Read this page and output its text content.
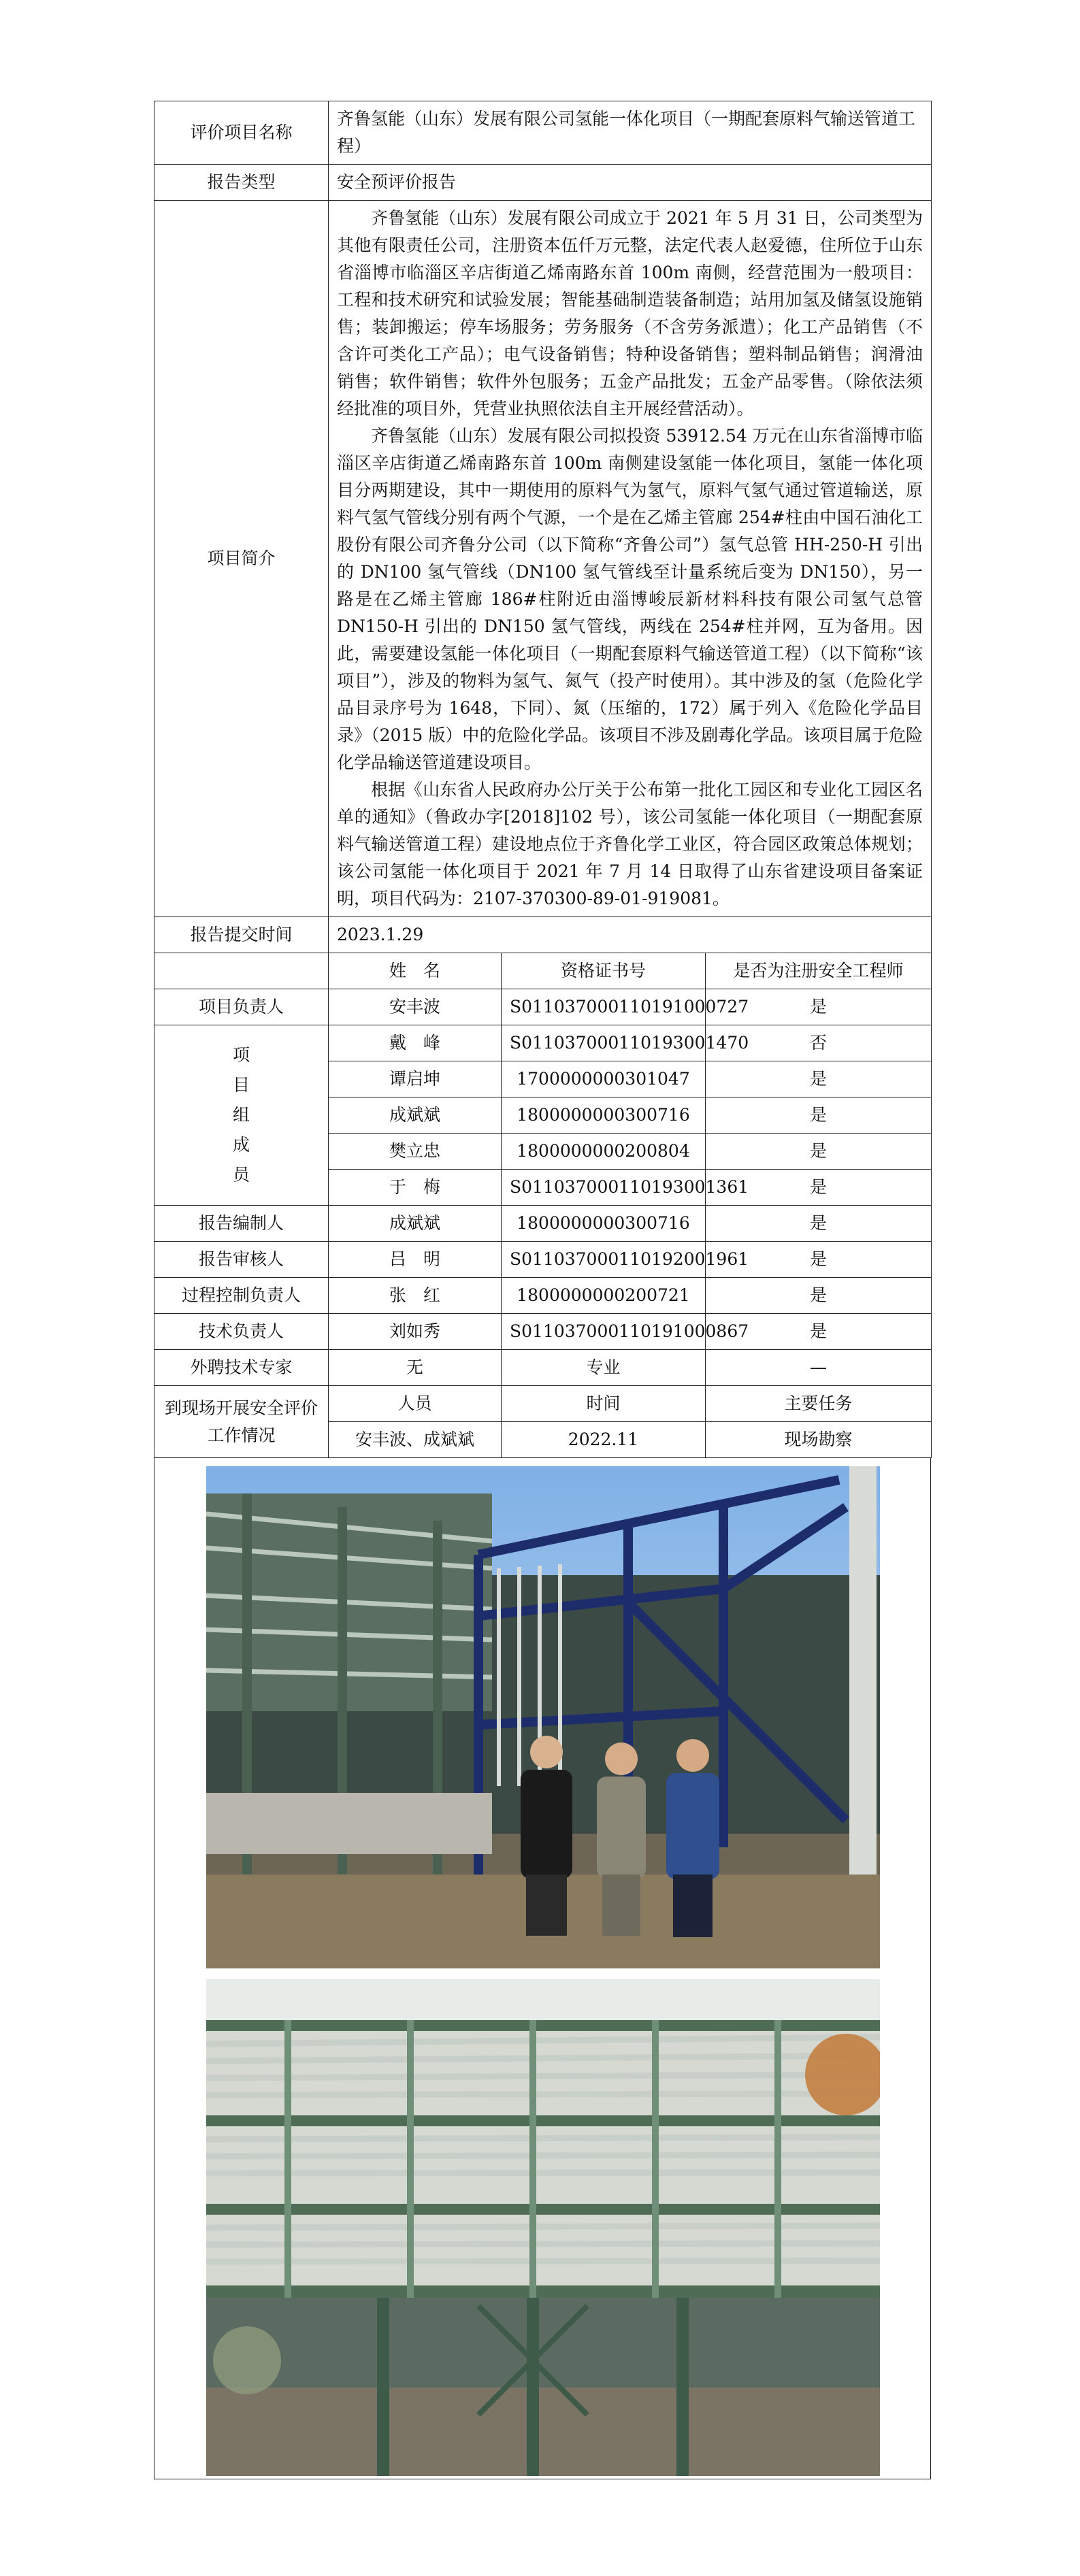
评价项目名称	齐鲁氢能（山东）发展有限公司氢能一体化项目（一期配套原料气输送管道工程）		
报告类型	安全预评价报告		
项目简介	齐鲁氢能（山东）发展有限公司成立于 2021 年 5 月 31 日，公司类型为其他有限责任公司，注册资本伍仟万元整，法定代表人赵爱德，住所位于山东省淄博市临淄区辛店街道乙烯南路东首 100m 南侧，经营范围为一般项目：工程和技术研究和试验发展；智能基础制造装备制造；站用加氢及储氢设施销售；装卸搬运；停车场服务；劳务服务（不含劳务派遣）；化工产品销售（不含许可类化工产品）；电气设备销售；特种设备销售；塑料制品销售；润滑油销售；软件销售；软件外包服务；五金产品批发；五金产品零售。（除依法须经批准的项目外，凭营业执照依法自主开展经营活动）。

齐鲁氢能（山东）发展有限公司拟投资 53912.54 万元在山东省淄博市临淄区辛店街道乙烯南路东首 100m 南侧建设氢能一体化项目，氢能一体化项目分两期建设，其中一期使用的原料气为氢气，原料气氢气通过管道输送，原料气氢气管线分别有两个气源，一个是在乙烯主管廊 254#柱由中国石油化工股份有限公司齐鲁分公司（以下简称“齐鲁公司”）氢气总管 HH-250-H 引出的 DN100 氢气管线（DN100 氢气管线至计量系统后变为 DN150），另一路是在乙烯主管廊 186#柱附近由淄博峻辰新材料科技有限公司氢气总管 DN150-H 引出的 DN150 氢气管线，两线在 254#柱并网，互为备用。因此，需要建设氢能一体化项目（一期配套原料气输送管道工程）（以下简称“该项目”），涉及的物料为氢气、氮气（投产时使用）。其中涉及的氢（危险化学品目录序号为 1648，下同）、氮（压缩的，172）属于列入《危险化学品目录》（2015 版）中的危险化学品。该项目不涉及剧毒化学品。该项目属于危险化学品输送管道建设项目。

根据《山东省人民政府办公厅关于公布第一批化工园区和专业化工园区名单的通知》（鲁政办字[2018]102 号），该公司氢能一体化项目（一期配套原料气输送管道工程）建设地点位于齐鲁化学工业区，符合园区政策总体规划；该公司氢能一体化项目于 2021 年 7 月 14 日取得了山东省建设项目备案证明，项目代码为：2107-370300-89-01-919081。		

报告提交时间	2023.1.29		
	姓　名	资格证书号	是否为注册安全工程师
项目负责人	安丰波	S011037000110191000727	是

项
目
组
成
员	戴　峰	S011037000110193001470	否
	谭启坤	1700000000301047	是
	成斌斌	1800000000300716	是
	樊立忠	1800000000200804	是
	于　梅	S011037000110193001361	是
报告编制人	成斌斌	1800000000300716	是
报告审核人	吕　明	S011037000110192001961	是
过程控制负责人	张　红	1800000000200721	是
技术负责人	刘如秀	S011037000110191000867	是
外聘技术专家	无	专业	—
到现场开展安全评价工作情况	人员	时间	主要任务
	安丰波、成斌斌	2022.11	现场勘察
